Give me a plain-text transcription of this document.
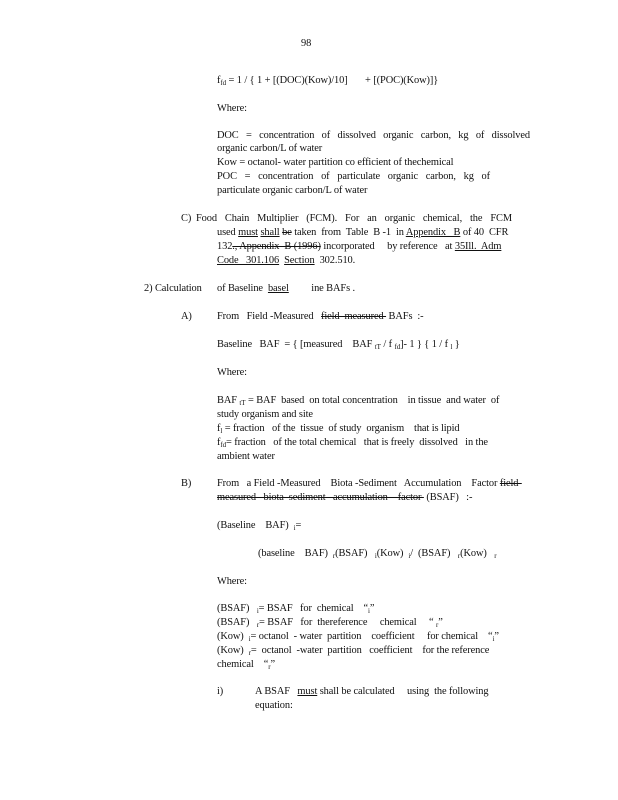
98
$f_{fd} = 1$ / { 1 + [(DOC)(Kow)/10]       + [(POC)(Kow)]}
Where:
DOC = concentration of dissolved organic carbon, kg of dissolved
organic carbon/L of water
Kow = octanol- water partition co efficient of thechemical
POC = concentration of particulate organic carbon, kg of
particulate organic carbon/L of water
C) Food Chain Multiplier (FCM). For an organic chemical, the FCM
used must shall be taken  from  Table  B -1  in Appendix   B of 40  CFR
132., Appendix  B (1996) incorporated     by reference   at 35Ill.  Adm
Code   301.106 Section  302.510.
2) Calculation of Baseline  basel         ine BAFs .
A) From   Field -Measured   field  measured  BAFs  :-
Baseline   BAF  = { [measured    BAF $_{tT}$ / f $_{fd}$]- 1 } { 1 / f $_l$ }
Where:
BAF $_{tT}$ = BAF  based  on total concentration    in tissue  and water  of
study organism and site
$f_l$ = fraction   of the  tissue  of study  organism    that is lipid
$f_{fd}=$ fraction   of the total chemical   that is freely  dissolved   in the
ambient water
B) From   a Field -Measured    Biota -Sediment   Accumulation    Factor field-
measured   biota  sediment   accumulation    factor  (BSAF)   :-
(Baseline    BAF)  $_i$=
(baseline    BAF)  $_r$(BSAF)   $_i$(Kow)  $_i$/  (BSAF)   $_r$(Kow)   $_r$
Where:
(BSAF)   $_i$= BSAF   for  chemical    “$_i$”
(BSAF)   $_r$= BSAF   for  thereference     chemical     “ $_r$”
(Kow)  $_i$= octanol  - water  partition    coefficient     for chemical    “$_i$”
(Kow)  $_r$=  octanol  -water  partition   coefficient    for the reference
chemical    “$_r$”
i)	A BSAF   must shall be calculated     using  the following
equation:
